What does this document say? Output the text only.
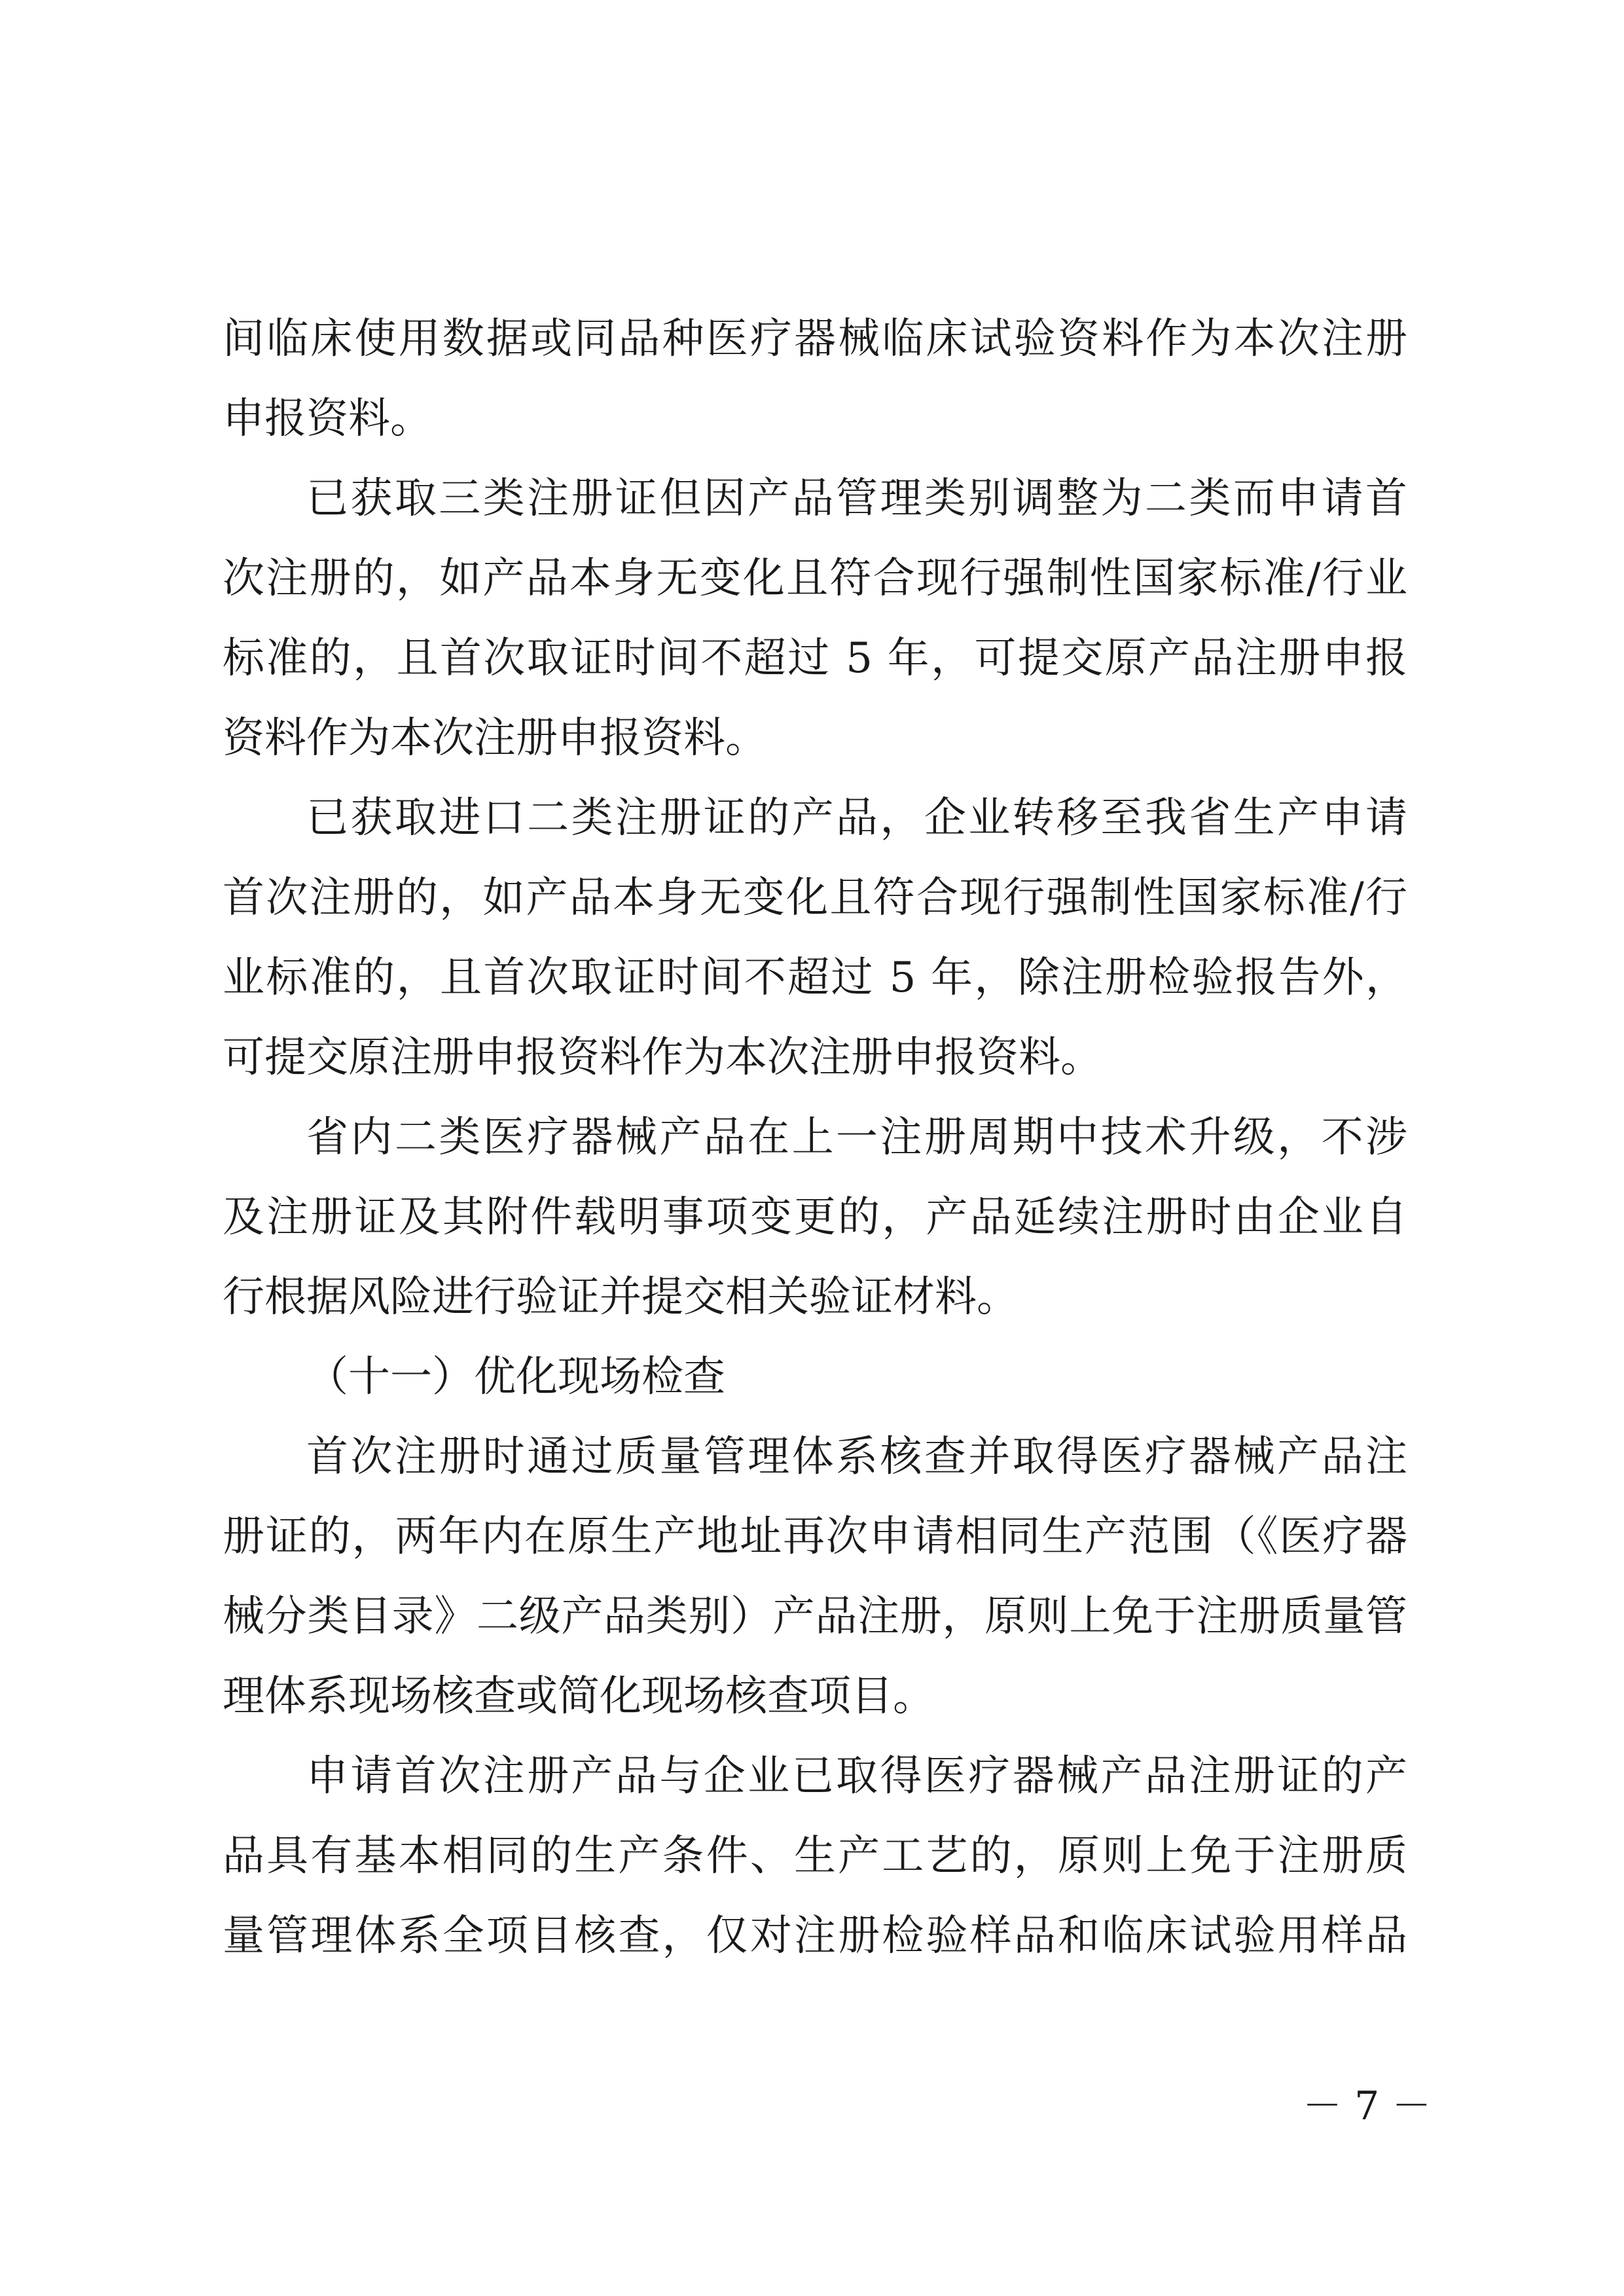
间临床使用数据或同品种医疗器械临床试验资料作为本次注册
申报资料。
已获取三类注册证但因产品管理类别调整为二类而申请首
次注册的，如产品本身无变化且符合现行强制性国家标准/行业
标准的，且首次取证时间不超过 5 年，可提交原产品注册申报
资料作为本次注册申报资料。
已获取进口二类注册证的产品，企业转移至我省生产申请
首次注册的，如产品本身无变化且符合现行强制性国家标准/行
业标准的，且首次取证时间不超过 5 年，除注册检验报告外，
可提交原注册申报资料作为本次注册申报资料。
省内二类医疗器械产品在上一注册周期中技术升级，不涉
及注册证及其附件载明事项变更的，产品延续注册时由企业自
行根据风险进行验证并提交相关验证材料。
（十一）优化现场检查
首次注册时通过质量管理体系核查并取得医疗器械产品注
册证的，两年内在原生产地址再次申请相同生产范围（《医疗器
械分类目录》二级产品类别）产品注册，原则上免于注册质量管
理体系现场核查或简化现场核查项目。
申请首次注册产品与企业已取得医疗器械产品注册证的产
品具有基本相同的生产条件、生产工艺的，原则上免于注册质
量管理体系全项目核查，仅对注册检验样品和临床试验用样品
－ 7 －
